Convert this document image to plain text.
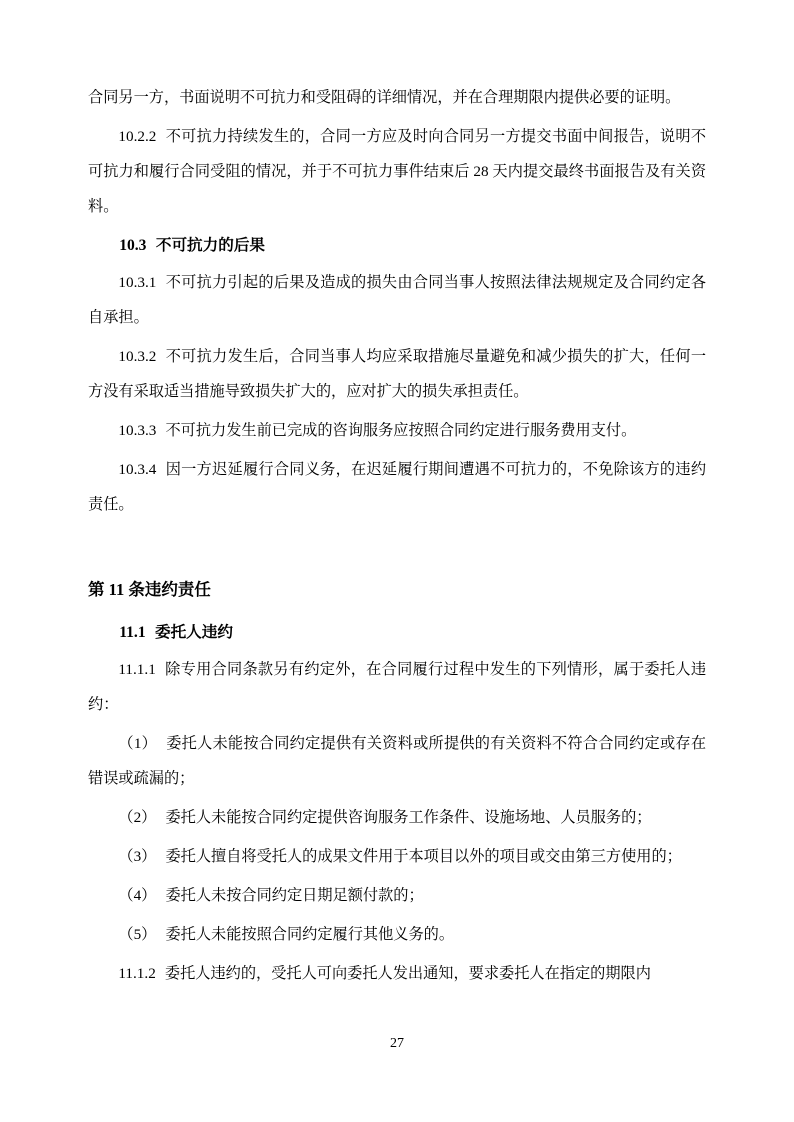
合同另一方，书面说明不可抗力和受阻碍的详细情况，并在合理期限内提供必要的证明。

10.2.2 不可抗力持续发生的，合同一方应及时向合同另一方提交书面中间报告，说明不可抗力和履行合同受阻的情况，并于不可抗力事件结束后 28 天内提交最终书面报告及有关资料。

10.3 不可抗力的后果

10.3.1 不可抗力引起的后果及造成的损失由合同当事人按照法律法规规定及合同约定各自承担。

10.3.2 不可抗力发生后，合同当事人均应采取措施尽量避免和减少损失的扩大，任何一方没有采取适当措施导致损失扩大的，应对扩大的损失承担责任。

10.3.3 不可抗力发生前已完成的咨询服务应按照合同约定进行服务费用支付。

10.3.4 因一方迟延履行合同义务，在迟延履行期间遭遇不可抗力的，不免除该方的违约责任。

第 11 条违约责任

11.1 委托人违约

11.1.1 除专用合同条款另有约定外，在合同履行过程中发生的下列情形，属于委托人违约：

（1） 委托人未能按合同约定提供有关资料或所提供的有关资料不符合合同约定或存在错误或疏漏的；

（2） 委托人未能按合同约定提供咨询服务工作条件、设施场地、人员服务的；

（3） 委托人擅自将受托人的成果文件用于本项目以外的项目或交由第三方使用的；

（4） 委托人未按合同约定日期足额付款的；

（5） 委托人未能按照合同约定履行其他义务的。

11.1.2 委托人违约的，受托人可向委托人发出通知，要求委托人在指定的期限内

27
